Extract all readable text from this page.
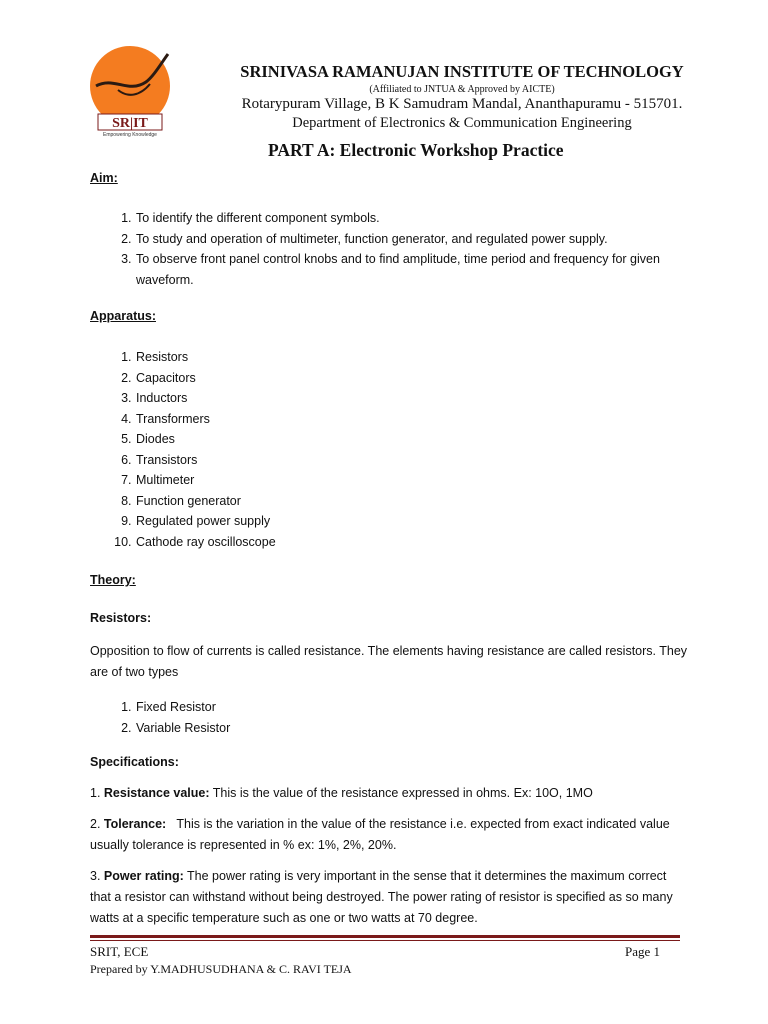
SR|IT
Empowering Knowledge
SRINIVASA RAMANUJAN INSTITUTE OF TECHNOLOGY
(Affiliated to JNTUA & Approved by AICTE)
Rotarypuram Village, B K Samudram Mandal, Ananthapuramu - 515701.
Department of Electronics & Communication Engineering
PART A: Electronic Workshop Practice

Aim:

1. To identify the different component symbols.
2. To study and operation of multimeter, function generator, and regulated power supply.
3. To observe front panel control knobs and to find amplitude, time period and frequency for given waveform.

Apparatus:

1. Resistors
2. Capacitors
3. Inductors
4. Transformers
5. Diodes
6. Transistors
7. Multimeter
8. Function generator
9. Regulated power supply
10. Cathode ray oscilloscope

Theory:

Resistors:

Opposition to flow of currents is called resistance. The elements having resistance are called resistors. They are of two types

1. Fixed Resistor
2. Variable Resistor

Specifications:

1. Resistance value: This is the value of the resistance expressed in ohms. Ex: 10O, 1MO

2. Tolerance:   This is the variation in the value of the resistance i.e. expected from exact indicated value usually tolerance is represented in % ex: 1%, 2%, 20%.

3. Power rating: The power rating is very important in the sense that it determines the maximum correct that a resistor can withstand without being destroyed. The power rating of resistor is specified as so many watts at a specific temperature such as one or two watts at 70 degree.

SRIT, ECE	Page 1
Prepared by Y.MADHUSUDHANA & C. RAVI TEJA
